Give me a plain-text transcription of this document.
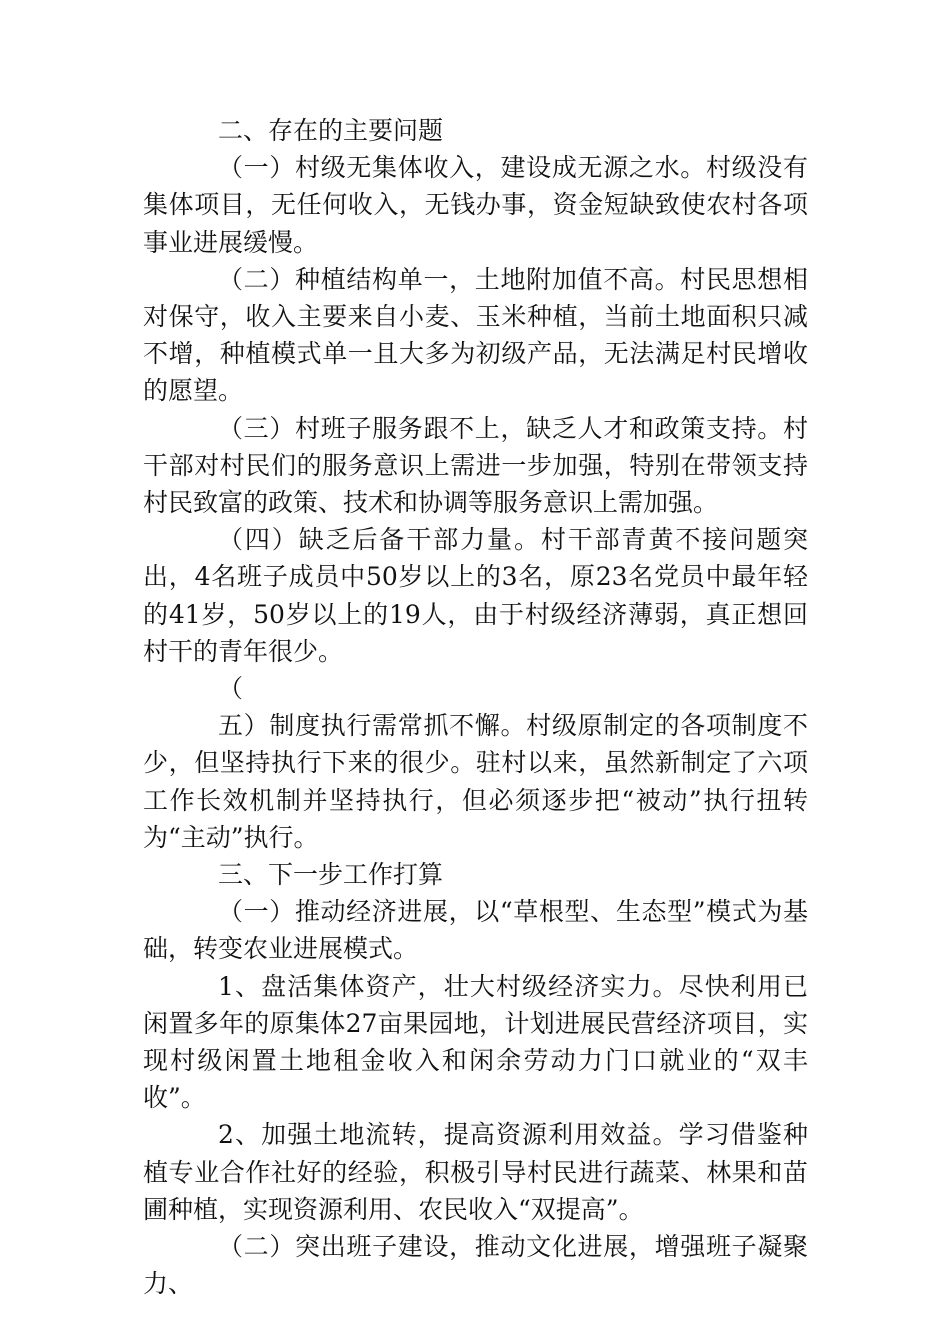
二、存在的主要问题

（一）村级无集体收入，建设成无源之水。村级没有集体项目，无任何收入，无钱办事，资金短缺致使农村各项事业进展缓慢。

（二）种植结构单一，土地附加值不高。村民思想相对保守，收入主要来自小麦、玉米种植，当前土地面积只减不增，种植模式单一且大多为初级产品，无法满足村民增收的愿望。

（三）村班子服务跟不上，缺乏人才和政策支持。村干部对村民们的服务意识上需进一步加强，特别在带领支持村民致富的政策、技术和协调等服务意识上需加强。

（四）缺乏后备干部力量。村干部青黄不接问题突出，4名班子成员中50岁以上的3名，原23名党员中最年轻的41岁，50岁以上的19人，由于村级经济薄弱，真正想回村干的青年很少。

（

五）制度执行需常抓不懈。村级原制定的各项制度不少，但坚持执行下来的很少。驻村以来，虽然新制定了六项工作长效机制并坚持执行，但必须逐步把“被动”执行扭转为“主动”执行。

三、下一步工作打算

（一）推动经济进展，以“草根型、生态型”模式为基础，转变农业进展模式。

1、盘活集体资产，壮大村级经济实力。尽快利用已闲置多年的原集体27亩果园地，计划进展民营经济项目，实现村级闲置土地租金收入和闲余劳动力门口就业的“双丰收”。

2、加强土地流转，提高资源利用效益。学习借鉴种植专业合作社好的经验，积极引导村民进行蔬菜、林果和苗圃种植，实现资源利用、农民收入“双提高”。

（二）突出班子建设，推动文化进展，增强班子凝聚力、
